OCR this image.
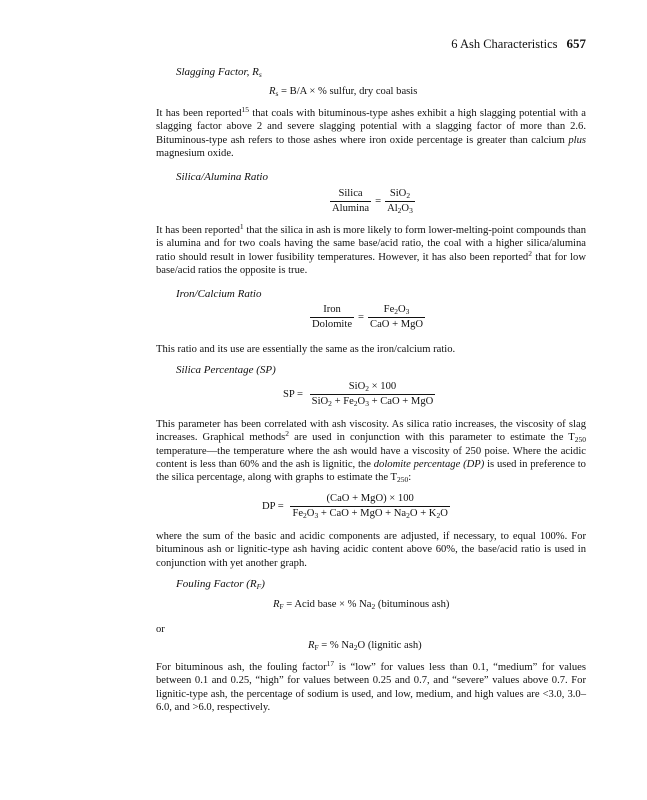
6 Ash Characteristics 657
Slagging Factor, $R_s$
$R_s = B/A$ × % sulfur, dry coal basis

It has been reported$^{15}$ that coals with bituminous-type ashes exhibit a high slagging potential with a slagging factor above 2 and severe slagging potential with a slagging factor of more than 2.6. Bituminous-type ash refers to those ashes where iron oxide percentage is greater than calcium plus magnesium oxide.

Silica/Alumina Ratio
Silica
Alumina
=
SiO$_2$
$Al_2O_3$

It has been reported$^1$ that the silica in ash is more likely to form lower-melting-point compounds than is alumina and for two coals having the same base/acid ratio, the coal with a higher silica/alumina ratio should result in lower fusibility temperatures. However, it has also been reported$^2$ that for low base/acid ratios the opposite is true.

Iron/Calcium Ratio
Iron
Dolomite
=
$Fe_2O_3$
CaO + MgO

This ratio and its use are essentially the same as the iron/calcium ratio.

Silica Percentage (SP)
SP =
SiO$_2$ × 100
$SiO_2 + Fe_2O_3$ + CaO + MgO

This parameter has been correlated with ash viscosity. As silica ratio increases, the viscosity of slag increases. Graphical methods$^2$ are used in conjunction with this parameter to estimate the $T_{250}$ temperature—the temperature where the ash would have a viscosity of 250 poise. Where the acidic content is less than 60% and the ash is lignitic, the dolomite percentage (DP) is used in preference to the silica percentage, along with graphs to estimate the $T_{250}$:

DP =
(CaO + MgO) × 100
$Fe_2O_3$ + CaO + MgO + $Na_2O + K_2O$

where the sum of the basic and acidic components are adjusted, if necessary, to equal 100%. For bituminous ash or lignitic-type ash having acidic content above 60%, the base/acid ratio is used in conjunction with yet another graph.

Fouling Factor $(R_F)$
$R_F$ = Acid base × % $Na_2$ (bituminous ash)
or
$R_F$ = % $Na_2O$ (lignitic ash)

For bituminous ash, the fouling factor$^{17}$ is “low” for values less than 0.1, “medium” for values between 0.1 and 0.25, “high” for values between 0.25 and 0.7, and “severe” values above 0.7. For lignitic-type ash, the percentage of sodium is used, and low, medium, and high values are <3.0, 3.0–6.0, and >6.0, respectively.
